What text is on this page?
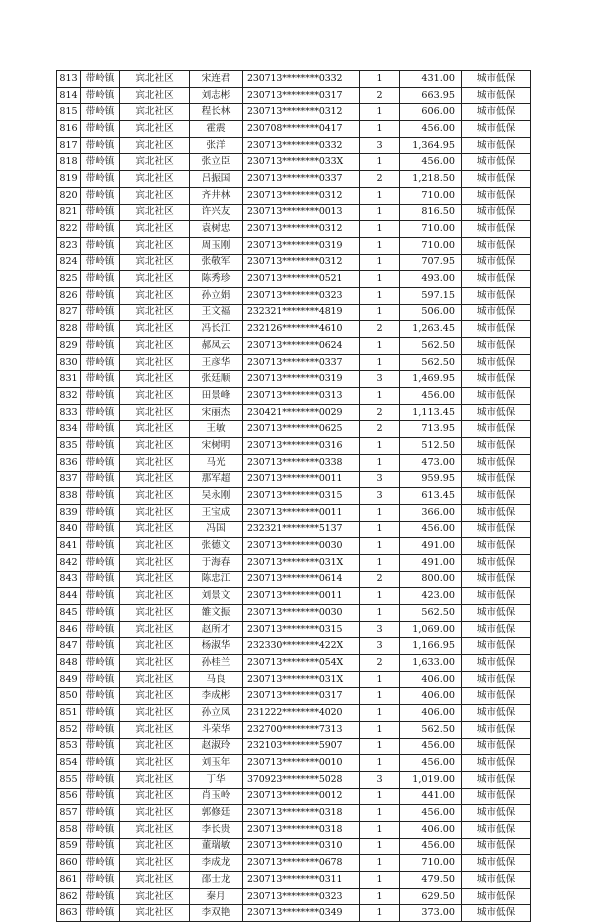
813	带岭镇	宾北社区	宋连君	230713********0332	1	431.00	城市低保
814	带岭镇	宾北社区	刘志彬	230713********0317	2	663.95	城市低保
815	带岭镇	宾北社区	程长林	230713********0312	1	606.00	城市低保
816	带岭镇	宾北社区	霍震	230708********0417	1	456.00	城市低保
817	带岭镇	宾北社区	张洋	230713********0332	3	1,364.95	城市低保
818	带岭镇	宾北社区	张立臣	230713********033X	1	456.00	城市低保
819	带岭镇	宾北社区	吕振国	230713********0337	2	1,218.50	城市低保
820	带岭镇	宾北社区	齐井林	230713********0312	1	710.00	城市低保
821	带岭镇	宾北社区	许兴友	230713********0013	1	816.50	城市低保
822	带岭镇	宾北社区	袁树忠	230713********0312	1	710.00	城市低保
823	带岭镇	宾北社区	周玉刚	230713********0319	1	710.00	城市低保
824	带岭镇	宾北社区	张敬军	230713********0312	1	707.95	城市低保
825	带岭镇	宾北社区	陈秀珍	230713********0521	1	493.00	城市低保
826	带岭镇	宾北社区	孙立娟	230713********0323	1	597.15	城市低保
827	带岭镇	宾北社区	王文福	232321********4819	1	506.00	城市低保
828	带岭镇	宾北社区	冯长江	232126********4610	2	1,263.45	城市低保
829	带岭镇	宾北社区	郝凤云	230713********0624	1	562.50	城市低保
830	带岭镇	宾北社区	王彦华	230713********0337	1	562.50	城市低保
831	带岭镇	宾北社区	张廷顺	230713********0319	3	1,469.95	城市低保
832	带岭镇	宾北社区	田景峰	230713********0313	1	456.00	城市低保
833	带岭镇	宾北社区	宋丽杰	230421********0029	2	1,113.45	城市低保
834	带岭镇	宾北社区	王敏	230713********0625	2	713.95	城市低保
835	带岭镇	宾北社区	宋树明	230713********0316	1	512.50	城市低保
836	带岭镇	宾北社区	马光	230713********0338	1	473.00	城市低保
837	带岭镇	宾北社区	那军超	230713********0011	3	959.95	城市低保
838	带岭镇	宾北社区	吴永刚	230713********0315	3	613.45	城市低保
839	带岭镇	宾北社区	王宝成	230713********0011	1	366.00	城市低保
840	带岭镇	宾北社区	冯国	232321********5137	1	456.00	城市低保
841	带岭镇	宾北社区	张德文	230713********0030	1	491.00	城市低保
842	带岭镇	宾北社区	于海春	230713********031X	1	491.00	城市低保
843	带岭镇	宾北社区	陈忠江	230713********0614	2	800.00	城市低保
844	带岭镇	宾北社区	刘景文	230713********0011	1	423.00	城市低保
845	带岭镇	宾北社区	雒文振	230713********0030	1	562.50	城市低保
846	带岭镇	宾北社区	赵所才	230713********0315	3	1,069.00	城市低保
847	带岭镇	宾北社区	杨淑华	232330********422X	3	1,166.95	城市低保
848	带岭镇	宾北社区	孙桂兰	230713********054X	2	1,633.00	城市低保
849	带岭镇	宾北社区	马良	230713********031X	1	406.00	城市低保
850	带岭镇	宾北社区	李成彬	230713********0317	1	406.00	城市低保
851	带岭镇	宾北社区	孙立凤	231222********4020	1	406.00	城市低保
852	带岭镇	宾北社区	斗荣华	232700********7313	1	562.50	城市低保
853	带岭镇	宾北社区	赵淑玲	232103********5907	1	456.00	城市低保
854	带岭镇	宾北社区	刘玉年	230713********0010	1	456.00	城市低保
855	带岭镇	宾北社区	丁华	370923********5028	3	1,019.00	城市低保
856	带岭镇	宾北社区	肖玉岭	230713********0012	1	441.00	城市低保
857	带岭镇	宾北社区	郭修廷	230713********0318	1	456.00	城市低保
858	带岭镇	宾北社区	李长贵	230713********0318	1	406.00	城市低保
859	带岭镇	宾北社区	董瑞敏	230713********0310	1	456.00	城市低保
860	带岭镇	宾北社区	李成龙	230713********0678	1	710.00	城市低保
861	带岭镇	宾北社区	邵士龙	230713********0311	1	479.50	城市低保
862	带岭镇	宾北社区	秦月	230713********0323	1	629.50	城市低保
863	带岭镇	宾北社区	李双艳	230713********0349	1	373.00	城市低保
